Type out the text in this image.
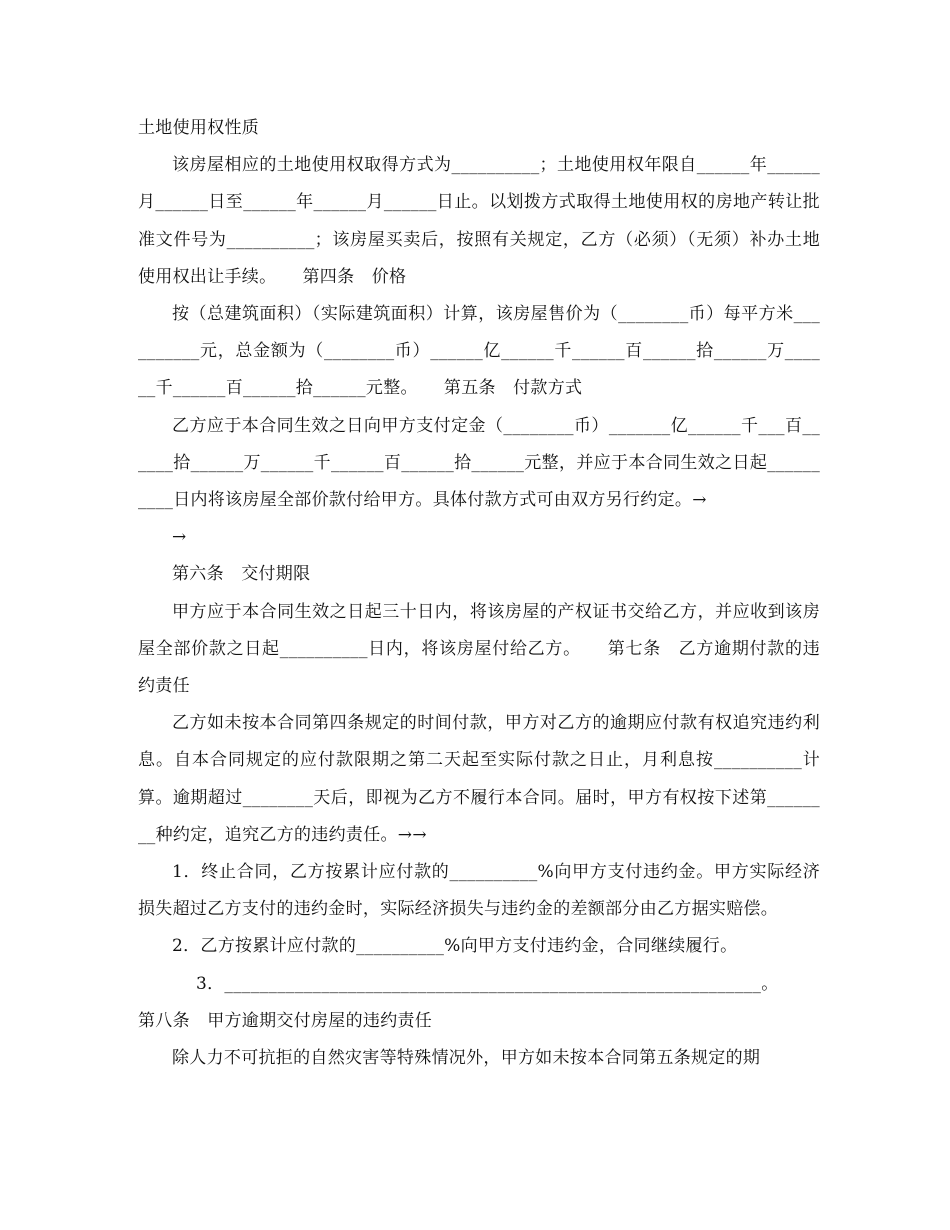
土地使用权性质

该房屋相应的土地使用权取得方式为__________；土地使用权年限自______年______月______日至______年______月______日止。以划拨方式取得土地使用权的房地产转让批准文件号为__________；该房屋买卖后，按照有关规定，乙方（必须）（无须）补办土地使用权出让手续。　　第四条　价格

按（总建筑面积）（实际建筑面积）计算，该房屋售价为（________币）每平方米__________元，总金额为（________币）______亿______千______百______拾______万______千______百______拾______元整。　　第五条　付款方式

乙方应于本合同生效之日向甲方支付定金（________币）_______亿______千___百______拾______万______千______百______拾______元整，并应于本合同生效之日起__________日内将该房屋全部价款付给甲方。具体付款方式可由双方另行约定。→

→

第六条　交付期限

甲方应于本合同生效之日起三十日内，将该房屋的产权证书交给乙方，并应收到该房屋全部价款之日起__________日内，将该房屋付给乙方。　　第七条　乙方逾期付款的违约责任

乙方如未按本合同第四条规定的时间付款，甲方对乙方的逾期应付款有权追究违约利息。自本合同规定的应付款限期之第二天起至实际付款之日止，月利息按__________计算。逾期超过________天后，即视为乙方不履行本合同。届时，甲方有权按下述第________种约定，追究乙方的违约责任。→→

1．终止合同，乙方按累计应付款的__________%向甲方支付违约金。甲方实际经济损失超过乙方支付的违约金时，实际经济损失与违约金的差额部分由乙方据实赔偿。

2．乙方按累计应付款的__________%向甲方支付违约金，合同继续履行。

3．_____________________________________________________________。

第八条　甲方逾期交付房屋的违约责任

除人力不可抗拒的自然灾害等特殊情况外，甲方如未按本合同第五条规定的期
